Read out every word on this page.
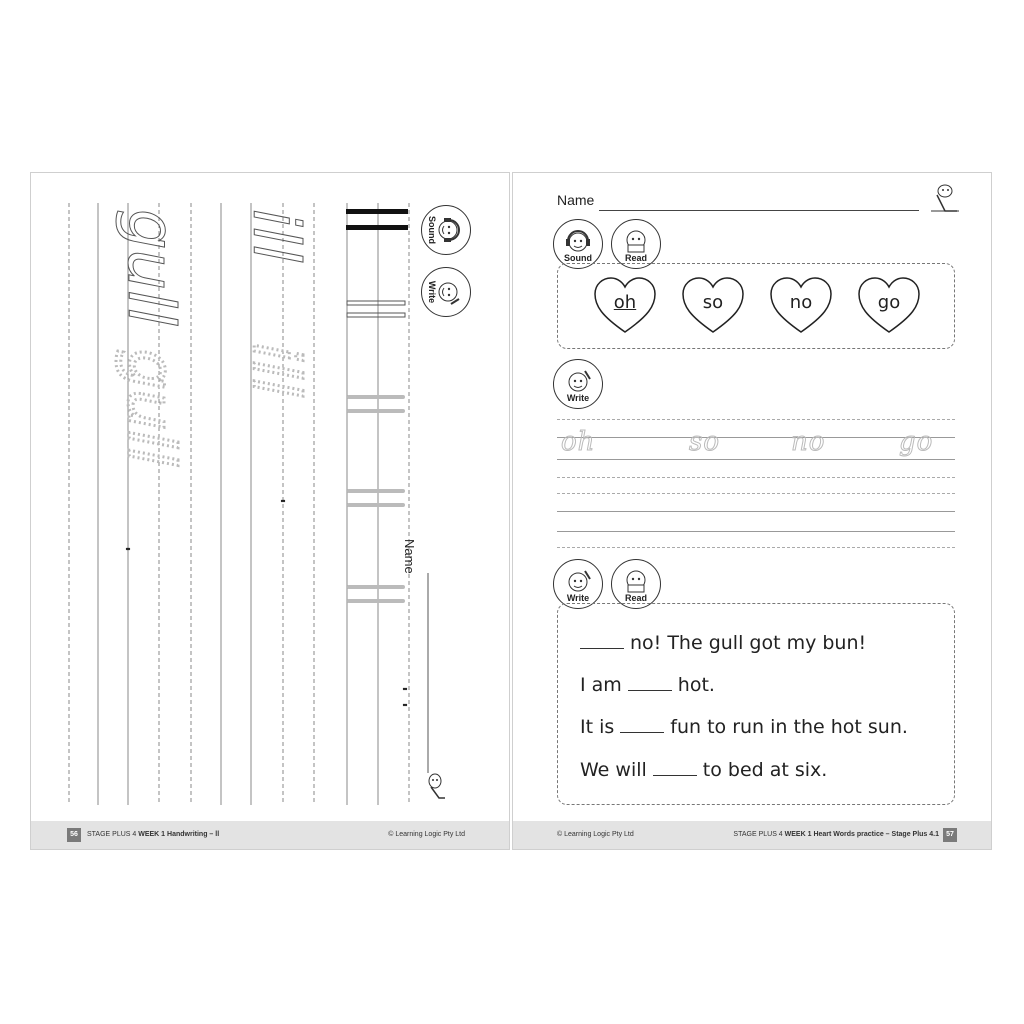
gull
gull
ill
ill
Sound
Write
Name
56	STAGE PLUS 4 WEEK 1 Handwriting – ll	© Learning Logic Pty Ltd
Name
Sound	Read
oh	so	no	go
Write
oh	so	no	go
Write	Read
no! The gull got my bun!
I am	hot.
It is	fun to run in the hot sun.
We will	to bed at six.
© Learning Logic Pty Ltd	STAGE PLUS 4 WEEK 1 Heart Words practice – Stage Plus 4.1	57
